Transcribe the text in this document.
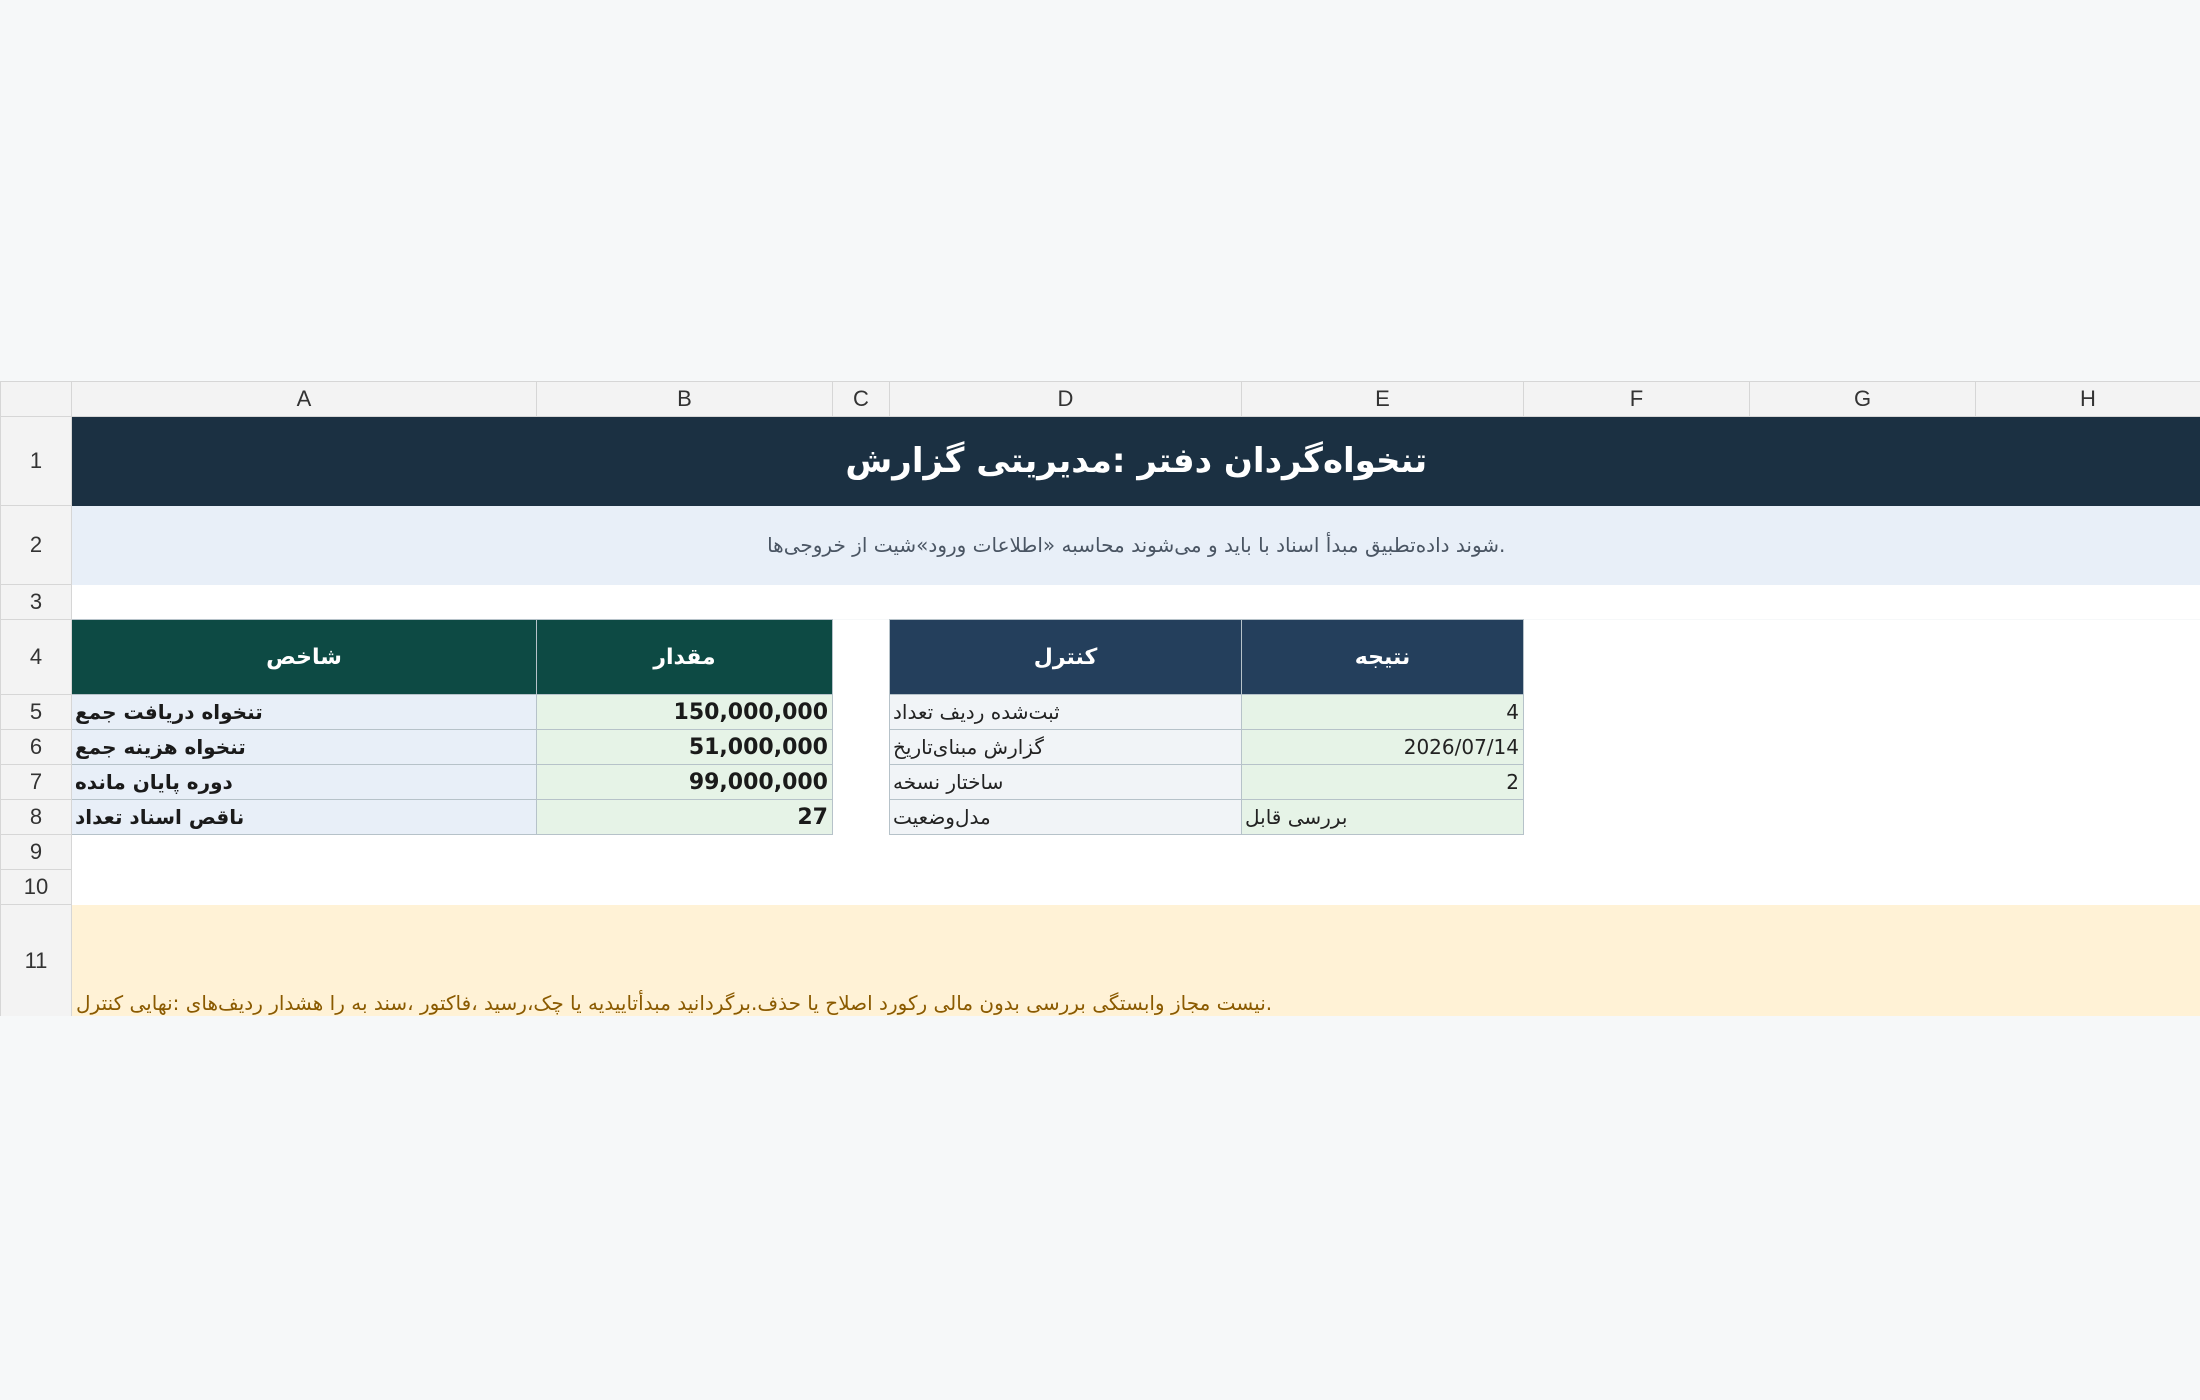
	A	B	C	D	E	F	G	H
1	تنخواه‌گردان دفتر :مدیریتی گزارش							
2	.شوند داده‌تطبیق مبدأ اسناد با باید و می‌شوند محاسبه «اطلاعات ورود»شیت از خروجی‌ها							
3								
4	شاخص	مقدار		کنترل	نتیجه			
5	تنخواه دریافت جمع	150,000,000		ثبت‌شده ردیف تعداد	4			
6	تنخواه هزینه جمع	51,000,000		گزارش مبنای‌تاریخ	2026/07/14			
7	دوره پایان مانده	99,000,000		ساختار نسخه	2			
8	ناقص اسناد تعداد	27		مدل‌وضعیت	بررسی قابل			
9								
10								
11	.نیست مجاز وابستگی بررسی بدون مالی رکورد اصلاح یا حذف.برگردانید مبدأتاییدیه یا چک،رسید ،فاکتور ،سند به را هشدار ردیف‌های :نهایی کنترل							
